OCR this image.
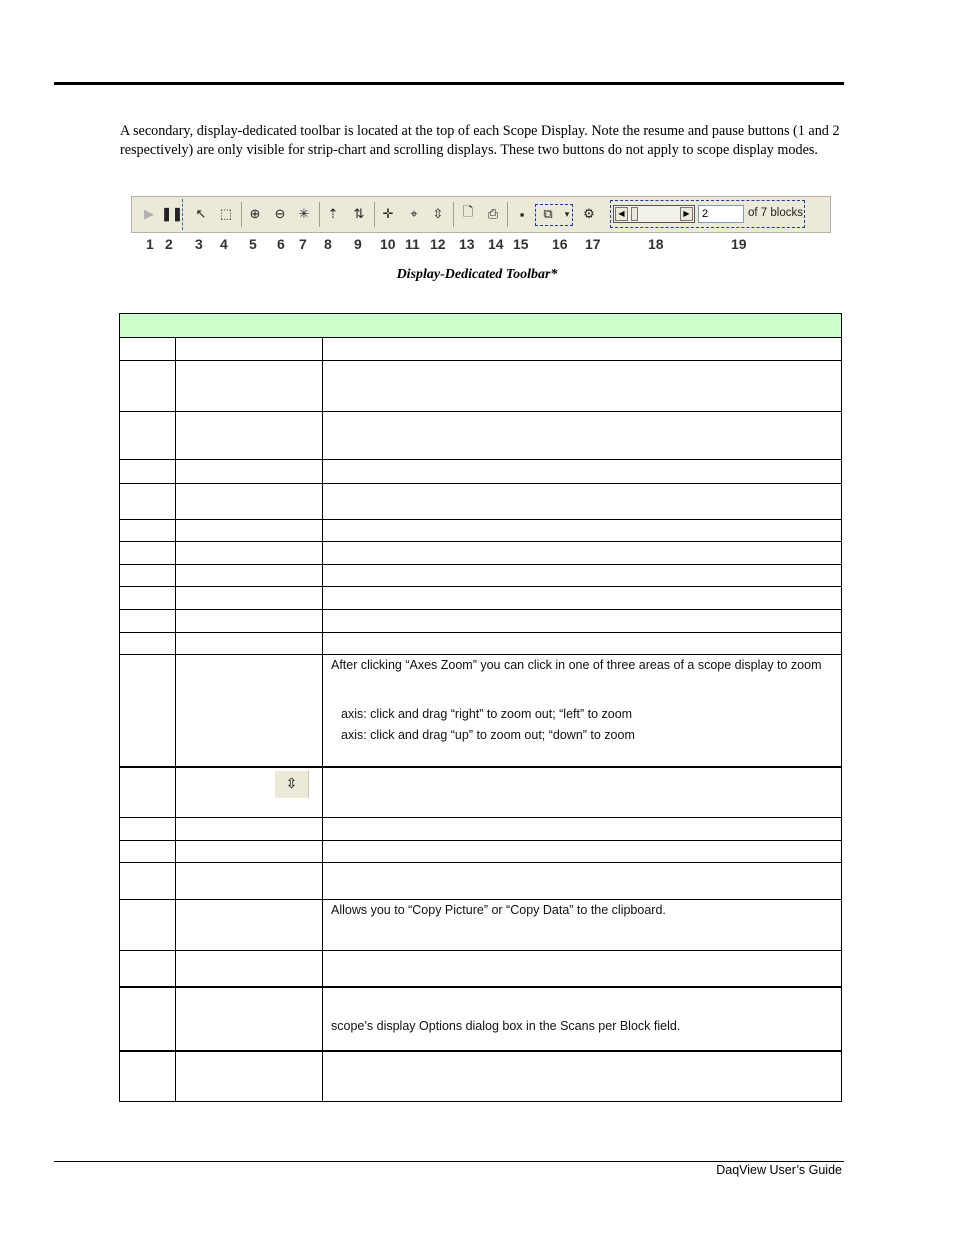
A secondary, display-dedicated toolbar is located at the top of each Scope Display. Note the resume and pause buttons (1 and 2 respectively) are only visible for strip-chart and scrolling displays. These two buttons do not apply to scope display modes.

▶ ❚❚ ↖	⬚	⊕	⊖	✳	⇡	⇅	✛	⌖	⇳	🗋	⎙	▪	⧉	▾	⚙	◀	▶	2	of 7 blocks
1 2 3 4 5 6 7 8 9 10 11 12 13 14 15 16 17	18	19
Display-Dedicated Toolbar*
After clicking “Axes Zoom” you can click in one of three areas of a scope display to zoom
axis: click and drag “right” to zoom out; “left” to zoom
axis: click and drag “up” to zoom out; “down” to zoom
⇳
Allows you to “Copy Picture” or “Copy Data” to the clipboard.
scope’s display Options dialog box in the Scans per Block field.
DaqView User’s Guide
